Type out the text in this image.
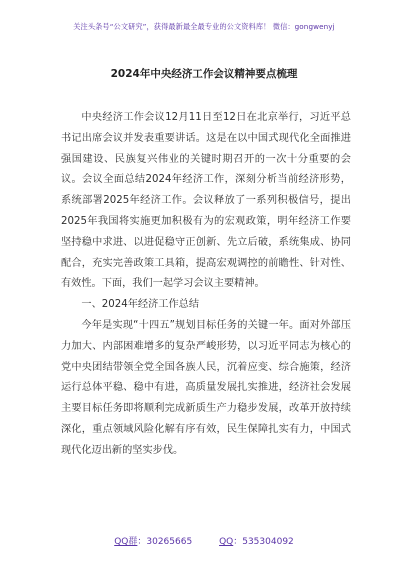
关注头条号“公文研究”，获得最新最全最专业的公文资料库！ 微信：gongwenyj
2024年中央经济工作会议精神要点梳理

中央经济工作会议12月11日至12日在北京举行，习近平总书记出席会议并发表重要讲话。这是在以中国式现代化全面推进强国建设、民族复兴伟业的关键时期召开的一次十分重要的会议。会议全面总结2024年经济工作，深刻分析当前经济形势，系统部署2025年经济工作。会议释放了一系列积极信号，提出2025年我国将实施更加积极有为的宏观政策，明年经济工作要坚持稳中求进、以进促稳守正创新、先立后破，系统集成、协同配合，充实完善政策工具箱，提高宏观调控的前瞻性、针对性、有效性。下面，我们一起学习会议主要精神。

一、2024年经济工作总结

今年是实现“十四五”规划目标任务的关键一年。面对外部压力加大、内部困难增多的复杂严峻形势，以习近平同志为核心的党中央团结带领全党全国各族人民，沉着应变、综合施策，经济运行总体平稳、稳中有进，高质量发展扎实推进，经济社会发展主要目标任务即将顺利完成新质生产力稳步发展，改革开放持续深化，重点领域风险化解有序有效，民生保障扎实有力，中国式现代化迈出新的坚实步伐。

QQ群：30265665	QQ：535304092
